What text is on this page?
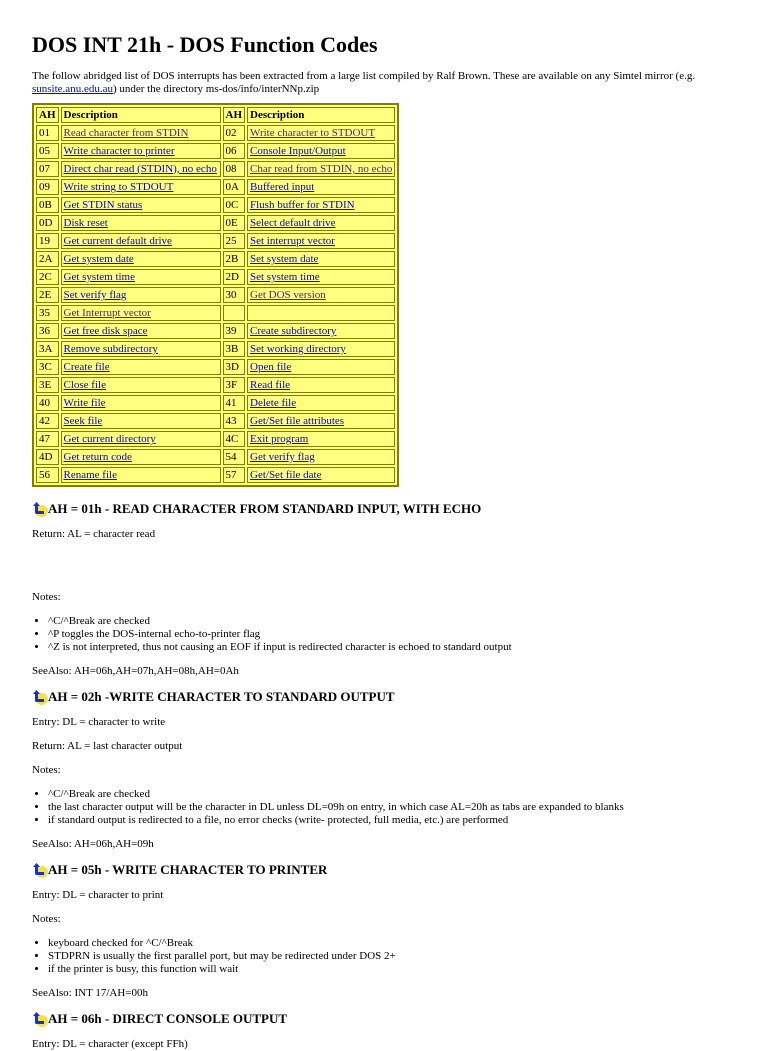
DOS INT 21h - DOS Function Codes

The follow abridged list of DOS interrupts has been extracted from a large list compiled by Ralf Brown. These are available on any Simtel mirror (e.g. sunsite.anu.edu.au) under the directory ms-dos/info/interNNp.zip

AH	Description	AH	Description
01	Read character from STDIN	02	Write character to STDOUT
05	Write character to printer	06	Console Input/Output
07	Direct char read (STDIN), no echo	08	Char read from STDIN, no echo
09	Write string to STDOUT	0A	Buffered input
0B	Get STDIN status	0C	Flush buffer for STDIN
0D	Disk reset	0E	Select default drive
19	Get current default drive	25	Set interrupt vector
2A	Get system date	2B	Set system date
2C	Get system time	2D	Set system time
2E	Set verify flag	30	Get DOS version
35	Get Interrupt vector		
36	Get free disk space	39	Create subdirectory
3A	Remove subdirectory	3B	Set working directory
3C	Create file	3D	Open file
3E	Close file	3F	Read file
40	Write file	41	Delete file
42	Seek file	43	Get/Set file attributes
47	Get current directory	4C	Exit program
4D	Get return code	54	Get verify flag
56	Rename file	57	Get/Set file date
AH = 01h - READ CHARACTER FROM STANDARD INPUT, WITH ECHO

Return: AL = character read

Notes:

• ^C/^Break are checked
• ^P toggles the DOS-internal echo-to-printer flag
• ^Z is not interpreted, thus not causing an EOF if input is redirected character is echoed to standard output

SeeAlso: AH=06h,AH=07h,AH=08h,AH=0Ah

AH = 02h -WRITE CHARACTER TO STANDARD OUTPUT

Entry: DL = character to write

Return: AL = last character output

Notes:

• ^C/^Break are checked
• the last character output will be the character in DL unless DL=09h on entry, in which case AL=20h as tabs are expanded to blanks
• if standard output is redirected to a file, no error checks (write- protected, full media, etc.) are performed

SeeAlso: AH=06h,AH=09h

AH = 05h - WRITE CHARACTER TO PRINTER

Entry: DL = character to print

Notes:

• keyboard checked for ^C/^Break
• STDPRN is usually the first parallel port, but may be redirected under DOS 2+
• if the printer is busy, this function will wait

SeeAlso: INT 17/AH=00h

AH = 06h - DIRECT CONSOLE OUTPUT

Entry: DL = character (except FFh)
